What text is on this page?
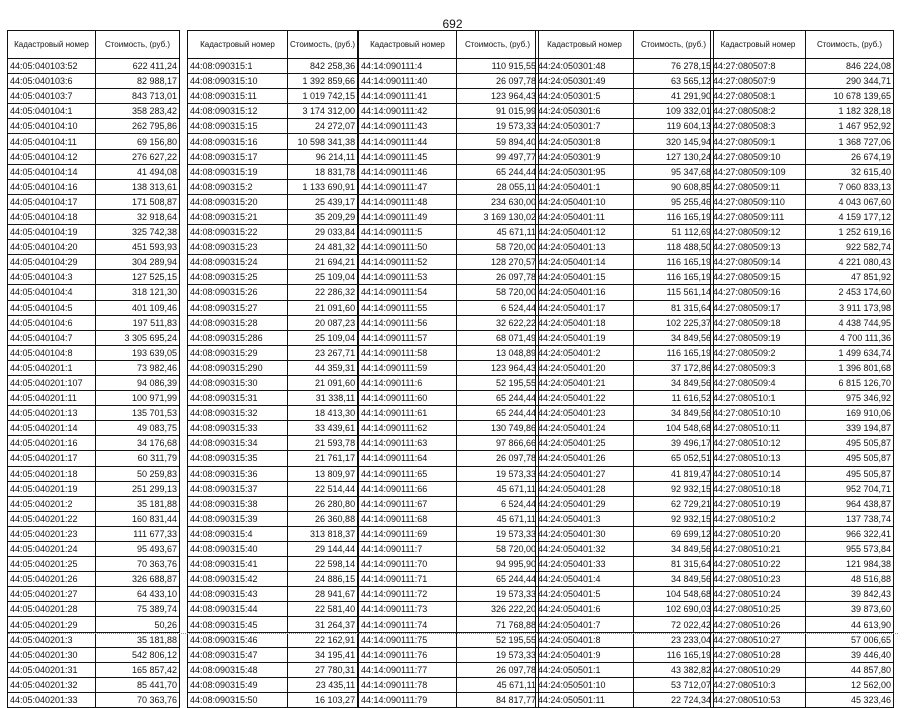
692
Кадастровый номер	Стоимость, (руб.)
44:05:040103:52	622 411,24
44:05:040103:6	82 988,17
44:05:040103:7	843 713,01
44:05:040104:1	358 283,42
44:05:040104:10	262 795,86
44:05:040104:11	69 156,80
44:05:040104:12	276 627,22
44:05:040104:14	41 494,08
44:05:040104:16	138 313,61
44:05:040104:17	171 508,87
44:05:040104:18	32 918,64
44:05:040104:19	325 742,38
44:05:040104:20	451 593,93
44:05:040104:29	304 289,94
44:05:040104:3	127 525,15
44:05:040104:4	318 121,30
44:05:040104:5	401 109,46
44:05:040104:6	197 511,83
44:05:040104:7	3 305 695,24
44:05:040104:8	193 639,05
44:05:040201:1	73 982,46
44:05:040201:107	94 086,39
44:05:040201:11	100 971,99
44:05:040201:13	135 701,53
44:05:040201:14	49 083,75
44:05:040201:16	34 176,68
44:05:040201:17	60 311,79
44:05:040201:18	50 259,83
44:05:040201:19	251 299,13
44:05:040201:2	35 181,88
44:05:040201:22	160 831,44
44:05:040201:23	111 677,33
44:05:040201:24	95 493,67
44:05:040201:25	70 363,76
44:05:040201:26	326 688,87
44:05:040201:27	64 433,10
44:05:040201:28	75 389,74
44:05:040201:29	50,26
44:05:040201:3	35 181,88
44:05:040201:30	542 806,12
44:05:040201:31	165 857,42
44:05:040201:32	85 441,70
44:05:040201:33	70 363,76
Кадастровый номер	Стоимость, (руб.)
44:08:090315:1	842 258,36
44:08:090315:10	1 392 859,66
44:08:090315:11	1 019 742,15
44:08:090315:12	3 174 312,00
44:08:090315:15	24 272,07
44:08:090315:16	10 598 341,38
44:08:090315:17	96 214,11
44:08:090315:19	18 831,78
44:08:090315:2	1 133 690,91
44:08:090315:20	25 439,17
44:08:090315:21	35 209,29
44:08:090315:22	29 033,84
44:08:090315:23	24 481,32
44:08:090315:24	21 694,21
44:08:090315:25	25 109,04
44:08:090315:26	22 286,32
44:08:090315:27	21 091,60
44:08:090315:28	20 087,23
44:08:090315:286	25 109,04
44:08:090315:29	23 267,71
44:08:090315:290	44 359,31
44:08:090315:30	21 091,60
44:08:090315:31	31 338,11
44:08:090315:32	18 413,30
44:08:090315:33	33 439,61
44:08:090315:34	21 593,78
44:08:090315:35	21 761,17
44:08:090315:36	13 809,97
44:08:090315:37	22 514,44
44:08:090315:38	26 280,80
44:08:090315:39	26 360,88
44:08:090315:4	313 818,37
44:08:090315:40	29 144,44
44:08:090315:41	22 598,14
44:08:090315:42	24 886,15
44:08:090315:43	28 941,67
44:08:090315:44	22 581,40
44:08:090315:45	31 264,37
44:08:090315:46	22 162,91
44:08:090315:47	34 195,41
44:08:090315:48	27 780,31
44:08:090315:49	23 435,11
44:08:090315:50	16 103,27
Кадастровый номер	Стоимость, (руб.)
44:14:090111:4	110 915,55
44:14:090111:40	26 097,78
44:14:090111:41	123 964,43
44:14:090111:42	91 015,99
44:14:090111:43	19 573,33
44:14:090111:44	59 894,40
44:14:090111:45	99 497,77
44:14:090111:46	65 244,44
44:14:090111:47	28 055,11
44:14:090111:48	234 630,00
44:14:090111:49	3 169 130,02
44:14:090111:5	45 671,11
44:14:090111:50	58 720,00
44:14:090111:52	128 270,57
44:14:090111:53	26 097,78
44:14:090111:54	58 720,00
44:14:090111:55	6 524,44
44:14:090111:56	32 622,22
44:14:090111:57	68 071,49
44:14:090111:58	13 048,89
44:14:090111:59	123 964,43
44:14:090111:6	52 195,55
44:14:090111:60	65 244,44
44:14:090111:61	65 244,44
44:14:090111:62	130 749,86
44:14:090111:63	97 866,66
44:14:090111:64	26 097,78
44:14:090111:65	19 573,33
44:14:090111:66	45 671,11
44:14:090111:67	6 524,44
44:14:090111:68	45 671,11
44:14:090111:69	19 573,33
44:14:090111:7	58 720,00
44:14:090111:70	94 995,90
44:14:090111:71	65 244,44
44:14:090111:72	19 573,33
44:14:090111:73	326 222,20
44:14:090111:74	71 768,88
44:14:090111:75	52 195,55
44:14:090111:76	19 573,33
44:14:090111:77	26 097,78
44:14:090111:78	45 671,11
44:14:090111:79	84 817,77
Кадастровый номер	Стоимость, (руб.)
44:24:050301:48	76 278,15
44:24:050301:49	63 565,12
44:24:050301:5	41 291,90
44:24:050301:6	109 332,01
44:24:050301:7	119 604,13
44:24:050301:8	320 145,94
44:24:050301:9	127 130,24
44:24:050301:95	95 347,68
44:24:050401:1	90 608,85
44:24:050401:10	95 255,46
44:24:050401:11	116 165,19
44:24:050401:12	51 112,69
44:24:050401:13	118 488,50
44:24:050401:14	116 165,19
44:24:050401:15	116 165,19
44:24:050401:16	115 561,14
44:24:050401:17	81 315,64
44:24:050401:18	102 225,37
44:24:050401:19	34 849,56
44:24:050401:2	116 165,19
44:24:050401:20	37 172,86
44:24:050401:21	34 849,56
44:24:050401:22	11 616,52
44:24:050401:23	34 849,56
44:24:050401:24	104 548,68
44:24:050401:25	39 496,17
44:24:050401:26	65 052,51
44:24:050401:27	41 819,47
44:24:050401:28	92 932,15
44:24:050401:29	62 729,21
44:24:050401:3	92 932,15
44:24:050401:30	69 699,12
44:24:050401:32	34 849,56
44:24:050401:33	81 315,64
44:24:050401:4	34 849,56
44:24:050401:5	104 548,68
44:24:050401:6	102 690,03
44:24:050401:7	72 022,42
44:24:050401:8	23 233,04
44:24:050401:9	116 165,19
44:24:050501:1	43 382,82
44:24:050501:10	53 712,07
44:24:050501:11	22 724,34
Кадастровый номер	Стоимость, (руб.)
44:27:080507:8	846 224,08
44:27:080507:9	290 344,71
44:27:080508:1	10 678 139,65
44:27:080508:2	1 182 328,18
44:27:080508:3	1 467 952,92
44:27:080509:1	1 368 727,06
44:27:080509:10	26 674,19
44:27:080509:109	32 615,40
44:27:080509:11	7 060 833,13
44:27:080509:110	4 043 067,60
44:27:080509:111	4 159 177,12
44:27:080509:12	1 252 619,16
44:27:080509:13	922 582,74
44:27:080509:14	4 221 080,43
44:27:080509:15	47 851,92
44:27:080509:16	2 453 174,60
44:27:080509:17	3 911 173,98
44:27:080509:18	4 438 744,95
44:27:080509:19	4 700 111,36
44:27:080509:2	1 499 634,74
44:27:080509:3	1 396 801,68
44:27:080509:4	6 815 126,70
44:27:080510:1	975 346,92
44:27:080510:10	169 910,06
44:27:080510:11	339 194,87
44:27:080510:12	495 505,87
44:27:080510:13	495 505,87
44:27:080510:14	495 505,87
44:27:080510:18	952 704,71
44:27:080510:19	964 438,87
44:27:080510:2	137 738,74
44:27:080510:20	966 322,41
44:27:080510:21	955 573,84
44:27:080510:22	121 984,38
44:27:080510:23	48 516,88
44:27:080510:24	39 842,43
44:27:080510:25	39 873,60
44:27:080510:26	44 613,90
44:27:080510:27	57 006,65
44:27:080510:28	39 446,40
44:27:080510:29	44 857,80
44:27:080510:3	12 562,00
44:27:080510:53	45 323,46
